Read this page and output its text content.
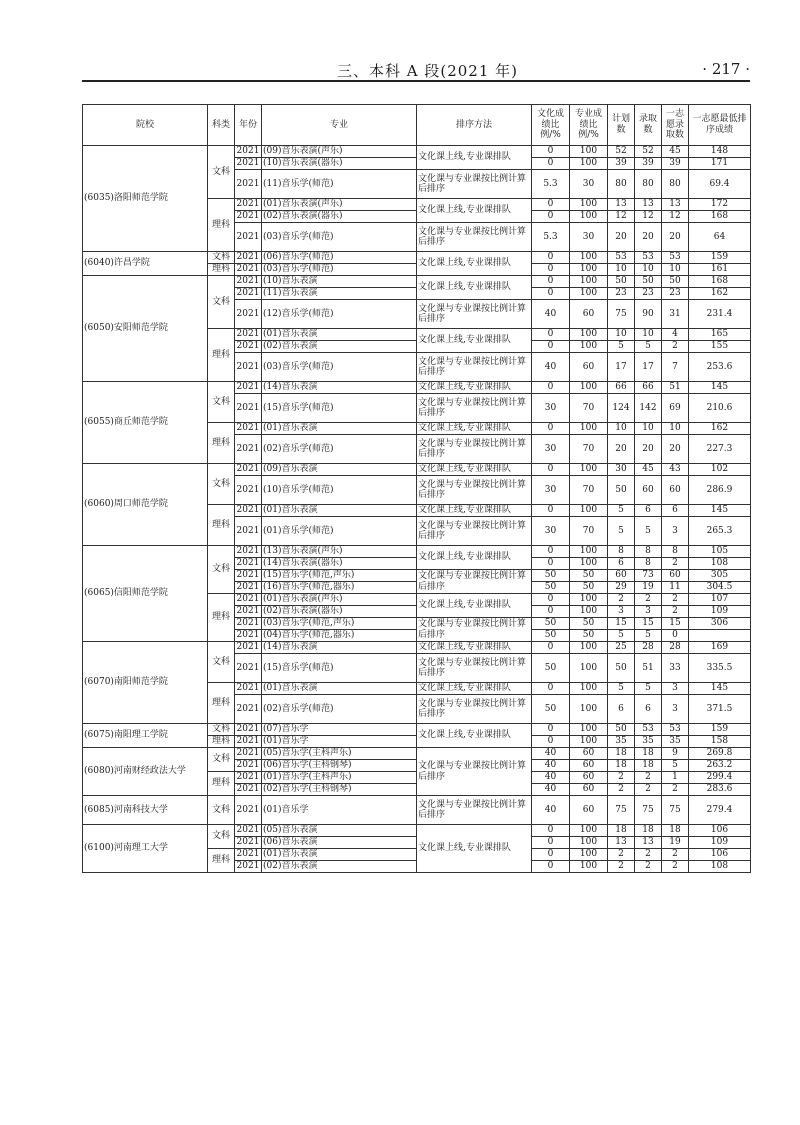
三、本科 A 段(2021 年)	· 217 ·
院校	科类	年份	专业	排序方法	文化成绩比例/%	专业成绩比例/%	计划数	录取数	一志愿录取数	一志愿最低排序成绩
(6035)洛阳师范学院	文科	2021	(09)音乐表演(声乐)	文化课上线,专业课排队	0	100	52	52	45	148
		2021	(10)音乐表演(器乐)		0	100	39	39	39	171
		2021	(11)音乐学(师范)	文化课与专业课按比例计算后排序	5.3	30	80	80	80	69.4
	理科	2021	(01)音乐表演(声乐)	文化课上线,专业课排队	0	100	13	13	13	172
		2021	(02)音乐表演(器乐)		0	100	12	12	12	168
		2021	(03)音乐学(师范)	文化课与专业课按比例计算后排序	5.3	30	20	20	20	64
(6040)许昌学院	文科	2021	(06)音乐学(师范)	文化课上线,专业课排队	0	100	53	53	53	159
	理科	2021	(03)音乐学(师范)		0	100	10	10	10	161
(6050)安阳师范学院	文科	2021	(10)音乐表演	文化课上线,专业课排队	0	100	50	50	50	168
		2021	(11)音乐表演		0	100	23	23	23	162
		2021	(12)音乐学(师范)	文化课与专业课按比例计算后排序	40	60	75	90	31	231.4
	理科	2021	(01)音乐表演	文化课上线,专业课排队	0	100	10	10	4	165
		2021	(02)音乐表演		0	100	5	5	2	155
		2021	(03)音乐学(师范)	文化课与专业课按比例计算后排序	40	60	17	17	7	253.6
(6055)商丘师范学院	文科	2021	(14)音乐表演	文化课上线,专业课排队	0	100	66	66	51	145
		2021	(15)音乐学(师范)	文化课与专业课按比例计算后排序	30	70	124	142	69	210.6
	理科	2021	(01)音乐表演	文化课上线,专业课排队	0	100	10	10	10	162
		2021	(02)音乐学(师范)	文化课与专业课按比例计算后排序	30	70	20	20	20	227.3
(6060)周口师范学院	文科	2021	(09)音乐表演	文化课上线,专业课排队	0	100	30	45	43	102
		2021	(10)音乐学(师范)	文化课与专业课按比例计算后排序	30	70	50	60	60	286.9
	理科	2021	(01)音乐表演	文化课上线,专业课排队	0	100	5	6	6	145
		2021	(01)音乐学(师范)	文化课与专业课按比例计算后排序	30	70	5	5	3	265.3
(6065)信阳师范学院	文科	2021	(13)音乐表演(声乐)	文化课上线,专业课排队	0	100	8	8	8	105
		2021	(14)音乐表演(器乐)		0	100	6	8	2	108
		2021	(15)音乐学(师范,声乐)	文化课与专业课按比例计算后排序	50	50	60	73	60	305
		2021	(16)音乐学(师范,器乐)		50	50	29	19	11	304.5
	理科	2021	(01)音乐表演(声乐)	文化课上线,专业课排队	0	100	2	2	2	107
		2021	(02)音乐表演(器乐)		0	100	3	3	2	109
		2021	(03)音乐学(师范,声乐)	文化课与专业课按比例计算后排序	50	50	15	15	15	306
		2021	(04)音乐学(师范,器乐)		50	50	5	5	0	
(6070)南阳师范学院	文科	2021	(14)音乐表演	文化课上线,专业课排队	0	100	25	28	28	169
		2021	(15)音乐学(师范)	文化课与专业课按比例计算后排序	50	100	50	51	33	335.5
	理科	2021	(01)音乐表演	文化课上线,专业课排队	0	100	5	5	3	145
		2021	(02)音乐学(师范)	文化课与专业课按比例计算后排序	50	100	6	6	3	371.5
(6075)南阳理工学院	文科	2021	(07)音乐学	文化课上线,专业课排队	0	100	50	53	53	159
	理科	2021	(01)音乐学		0	100	35	35	35	158
(6080)河南财经政法大学	文科	2021	(05)音乐学(主科声乐)	文化课与专业课按比例计算后排序	40	60	18	18	9	269.8
		2021	(06)音乐学(主科钢琴)		40	60	18	18	5	263.2
	理科	2021	(01)音乐学(主科声乐)		40	60	2	2	1	299.4
		2021	(02)音乐学(主科钢琴)		40	60	2	2	2	283.6
(6085)河南科技大学	文科	2021	(01)音乐学	文化课与专业课按比例计算后排序	40	60	75	75	75	279.4
(6100)河南理工大学	文科	2021	(05)音乐表演	文化课上线,专业课排队	0	100	18	18	18	106
		2021	(06)音乐表演		0	100	13	13	19	109
	理科	2021	(01)音乐表演		0	100	2	2	2	106
		2021	(02)音乐表演		0	100	2	2	2	108
